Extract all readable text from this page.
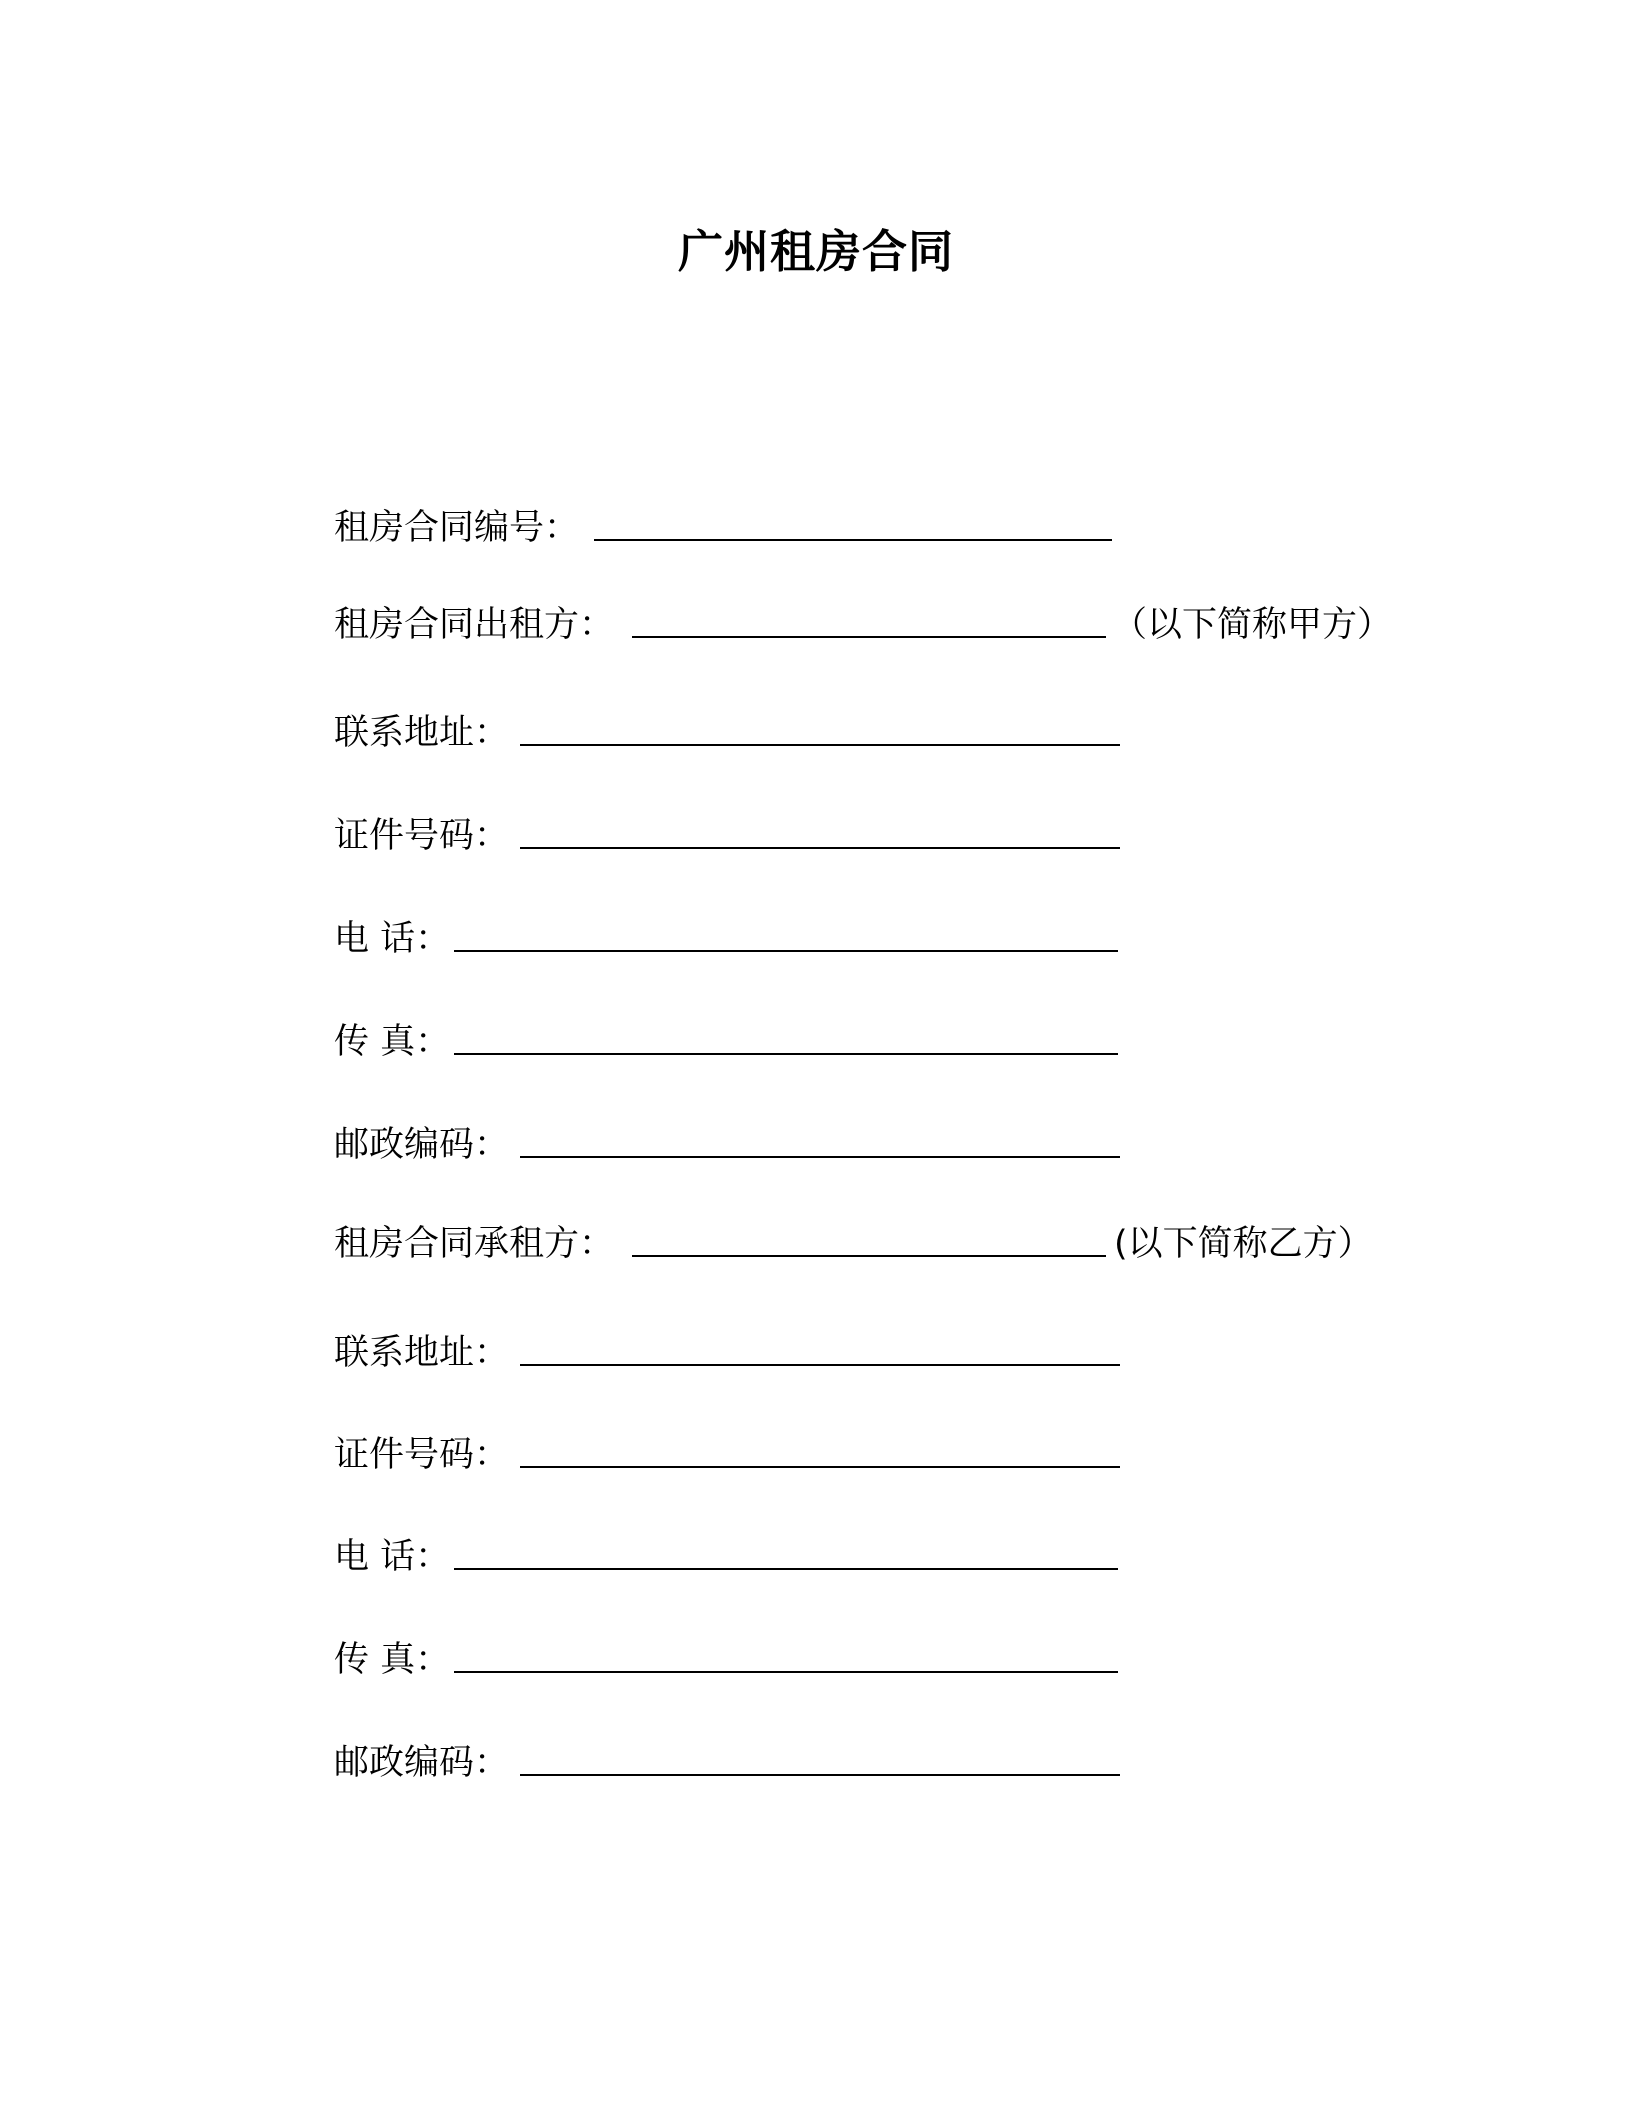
广州租房合同
租房合同编号：
租房合同出租方：	（以下简称甲方）
联系地址：
证件号码：
电 话：
传 真：
邮政编码：
租房合同承租方：	(以下简称乙方）
联系地址：
证件号码：
电 话：
传 真：
邮政编码：
